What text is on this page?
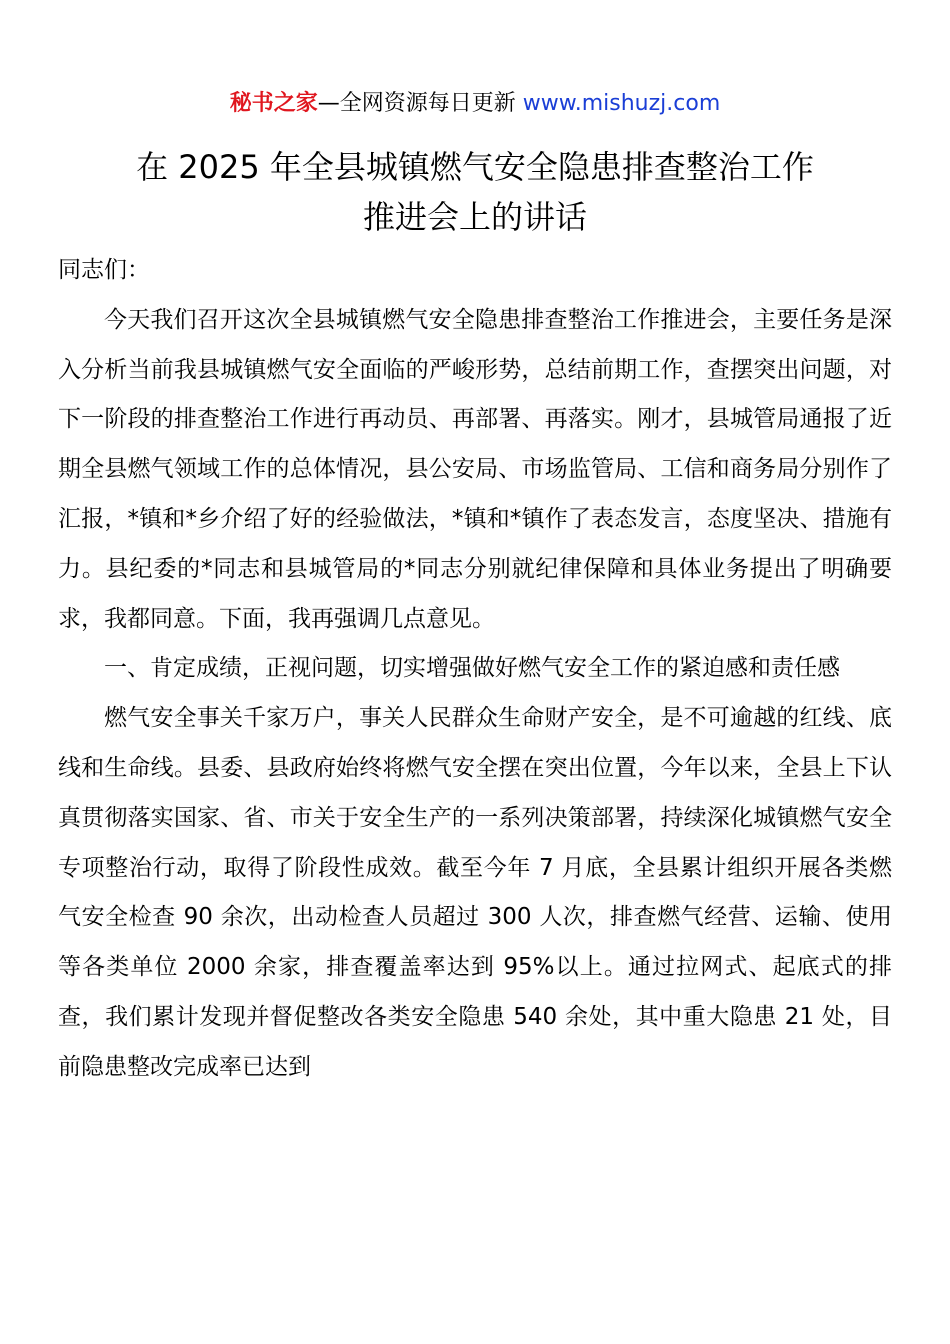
秘书之家—全网资源每日更新 www.mishuzj.com
在 2025 年全县城镇燃气安全隐患排查整治工作
推进会上的讲话

同志们：

今天我们召开这次全县城镇燃气安全隐患排查整治工作推进会，主要任务是深入分析当前我县城镇燃气安全面临的严峻形势，总结前期工作，查摆突出问题，对下一阶段的排查整治工作进行再动员、再部署、再落实。刚才，县城管局通报了近期全县燃气领域工作的总体情况，县公安局、市场监管局、工信和商务局分别作了汇报，*镇和*乡介绍了好的经验做法，*镇和*镇作了表态发言，态度坚决、措施有力。县纪委的*同志和县城管局的*同志分别就纪律保障和具体业务提出了明确要求，我都同意。下面，我再强调几点意见。

一、肯定成绩，正视问题，切实增强做好燃气安全工作的紧迫感和责任感

燃气安全事关千家万户，事关人民群众生命财产安全，是不可逾越的红线、底线和生命线。县委、县政府始终将燃气安全摆在突出位置，今年以来，全县上下认真贯彻落实国家、省、市关于安全生产的一系列决策部署，持续深化城镇燃气安全专项整治行动，取得了阶段性成效。截至今年 7 月底，全县累计组织开展各类燃气安全检查 90 余次，出动检查人员超过 300 人次，排查燃气经营、运输、使用等各类单位 2000 余家，排查覆盖率达到 95%以上。通过拉网式、起底式的排查，我们累计发现并督促整改各类安全隐患 540 余处，其中重大隐患 21 处，目前隐患整改完成率已达到
